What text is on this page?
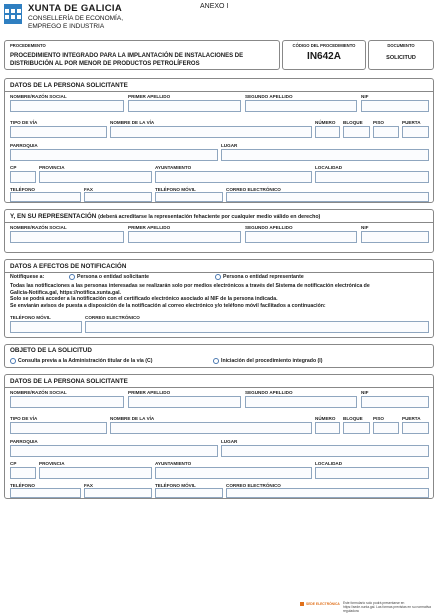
XUNTA DE GALICIA
CONSELLERÍA DE ECONOMÍA,
EMPREGO E INDUSTRIA
ANEXO I
PROCEDEMENTO
PROCEDIMIENTO INTEGRADO PARA LA IMPLANTACIÓN DE INSTALACIONES DE
DISTRIBUCIÓN AL POR MENOR DE PRODUCTOS PETROLÍFEROS
CÓDIGO DEL PROCEDIMIENTO
IN642A
DOCUMENTO
SOLICITUD
DATOS DE LA PERSONA SOLICITANTE
NOMBRE/RAZÓN SOCIAL	PRIMER APELLIDO	SEGUNDO APELLIDO	NIF
TIPO DE VÍA	NOMBRE DE LA VÍA	NÚMERO BLOQUE PISO	PUERTA
PARROQUIA	LUGAR
CP	PROVINCIA	AYUNTAMIENTO	LOCALIDAD
TELÉFONO	FAX	TELÉFONO MÓVIL	CORREO ELECTRÓNICO
Y, EN SU REPRESENTACIÓN (deberá acreditarse la representación fehaciente por cualquier medio válido en derecho)
NOMBRE/RAZÓN SOCIAL	PRIMER APELLIDO	SEGUNDO APELLIDO	NIF
DATOS A EFECTOS DE NOTIFICACIÓN
Notifíquese a:	Persona o entidad solicitante	Persona o entidad representante
Todas las notificaciones a las personas interesadas se realizarán solo por medios electrónicos a través del Sistema de notificación electrónica de
Galicia-Notifica.gal, https://notifica.xunta.gal.
Solo se podrá acceder a la notificación con el certificado electrónico asociado al NIF de la persona indicada.
Se enviarán avisos de puesta a disposición de la notificación al correo electrónico y/o teléfono móvil facilitados a continuación:
TELÉFONO MÓVIL	CORREO ELECTRÓNICO
OBJETO DE LA SOLICITUD
Consulta previa a la Administración titular de la vía (C)	Iniciación del procedimiento integrado (I)
DATOS DE LA PERSONA SOLICITANTE
NOMBRE/RAZÓN SOCIAL	PRIMER APELLIDO	SEGUNDO APELLIDO	NIF
TIPO DE VÍA	NOMBRE DE LA VÍA	NÚMERO BLOQUE PISO	PUERTA
PARROQUIA	LUGAR
CP	PROVINCIA	AYUNTAMIENTO	LOCALIDAD
TELÉFONO	FAX	TELÉFONO MÓVIL	CORREO ELECTRÓNICO
SEDE ELECTRÓNICA Este formulario solo podrá presentarse en
https://sede.xunta.gal. Las formas previstas en su normativa reguladora
